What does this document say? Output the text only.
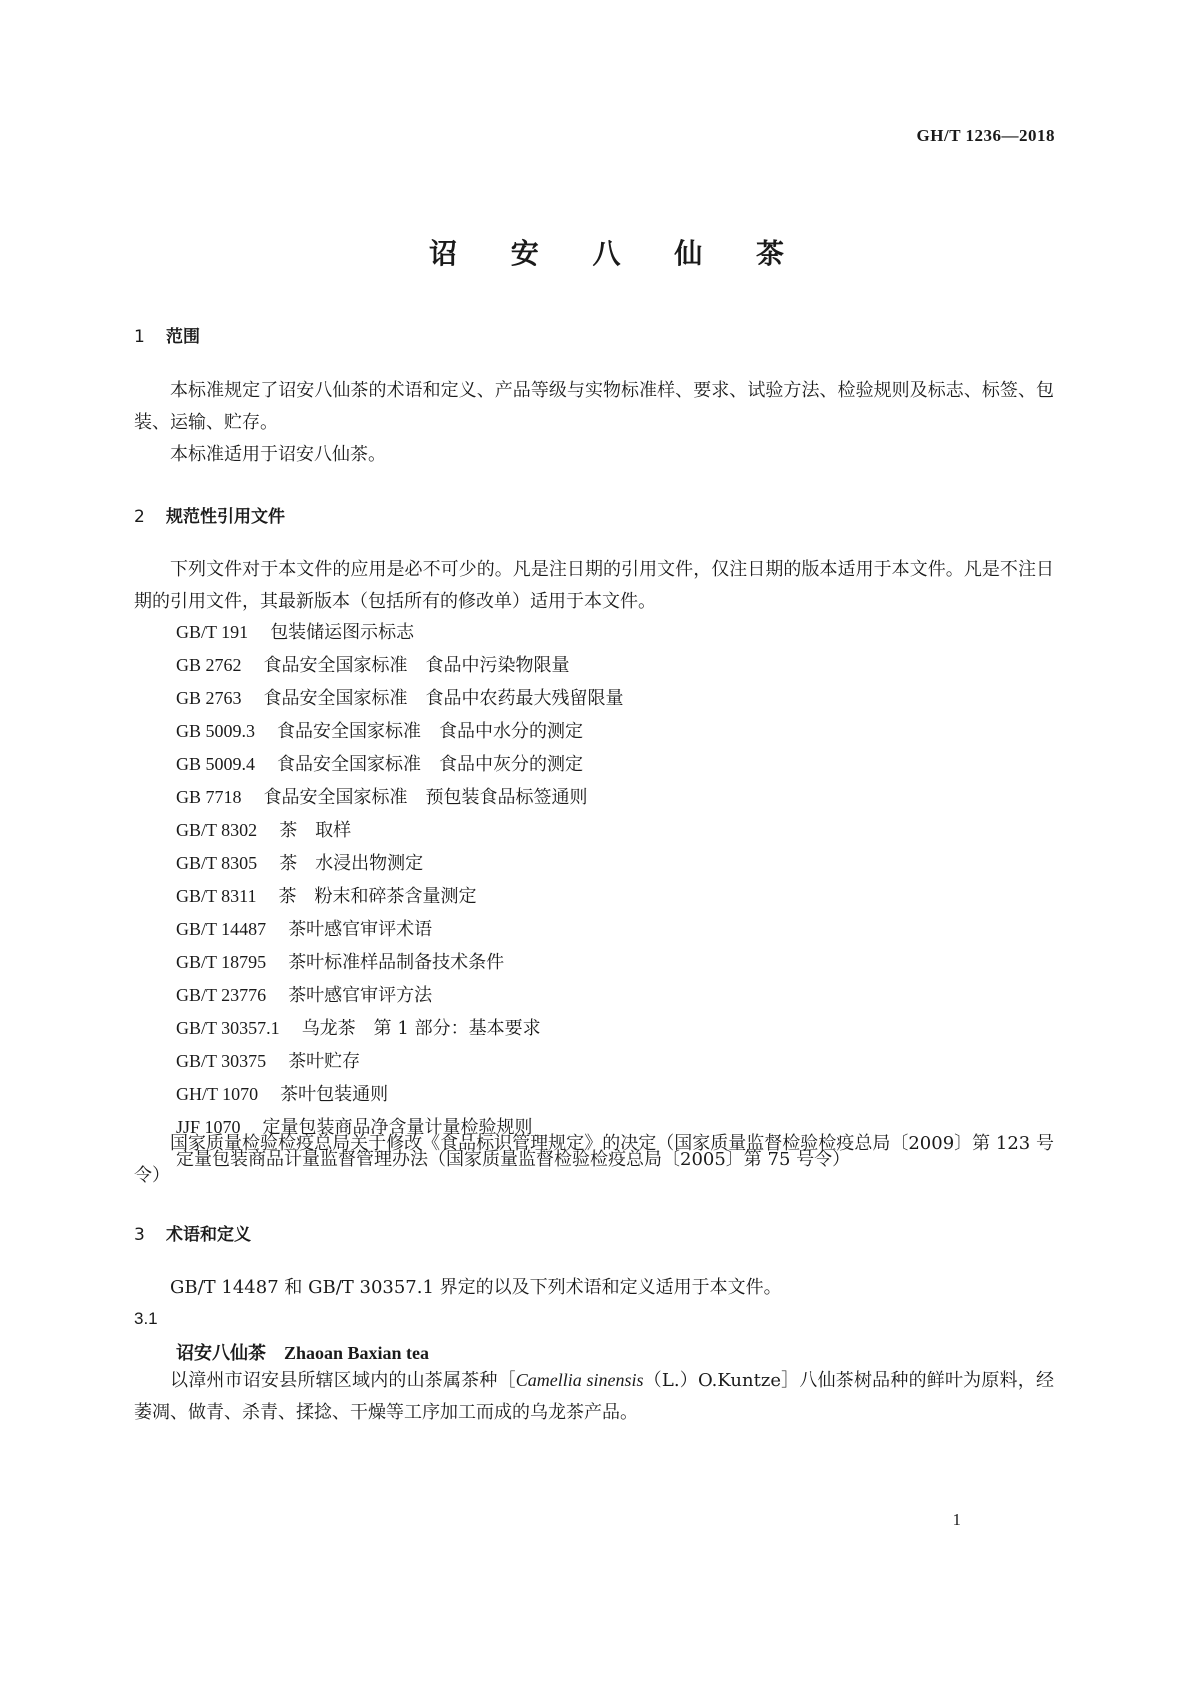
GH/T 1236—2018
诏 安 八 仙 茶
1 范围

本标准规定了诏安八仙茶的术语和定义、产品等级与实物标准样、要求、试验方法、检验规则及标志、标签、包装、运输、贮存。

本标准适用于诏安八仙茶。

2 规范性引用文件

下列文件对于本文件的应用是必不可少的。凡是注日期的引用文件，仅注日期的版本适用于本文件。凡是不注日期的引用文件，其最新版本（包括所有的修改单）适用于本文件。

GB/T 191 包装储运图示标志
GB 2762 食品安全国家标准　食品中污染物限量
GB 2763 食品安全国家标准　食品中农药最大残留限量
GB 5009.3 食品安全国家标准　食品中水分的测定
GB 5009.4 食品安全国家标准　食品中灰分的测定
GB 7718 食品安全国家标准　预包装食品标签通则
GB/T 8302 茶　取样
GB/T 8305 茶　水浸出物测定
GB/T 8311 茶　粉末和碎茶含量测定
GB/T 14487 茶叶感官审评术语
GB/T 18795 茶叶标准样品制备技术条件
GB/T 23776 茶叶感官审评方法
GB/T 30357.1 乌龙茶　第 1 部分：基本要求
GB/T 30375 茶叶贮存
GH/T 1070 茶叶包装通则
JJF 1070 定量包装商品净含量计量检验规则
定量包装商品计量监督管理办法（国家质量监督检验检疫总局〔2005〕第 75 号令）

国家质量检验检疫总局关于修改《食品标识管理规定》的决定（国家质量监督检验检疫总局〔2009〕第 123 号令）

3 术语和定义

GB/T 14487 和 GB/T 30357.1 界定的以及下列术语和定义适用于本文件。

3.1
诏安八仙茶 Zhaoan Baxian tea

以漳州市诏安县所辖区域内的山茶属茶种［Camellia sinensis（L.）O.Kuntze］八仙茶树品种的鲜叶为原料，经萎凋、做青、杀青、揉捻、干燥等工序加工而成的乌龙茶产品。

1
